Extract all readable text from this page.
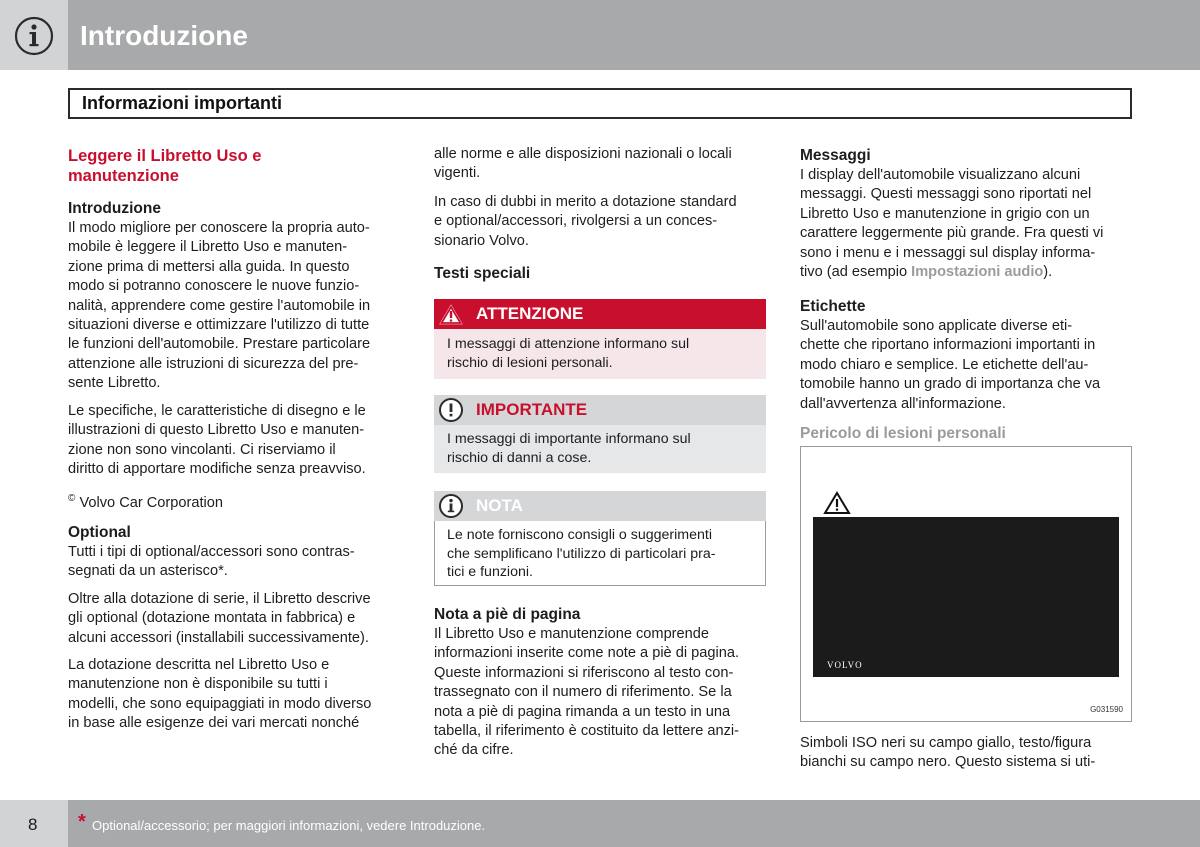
Introduzione
Informazioni importanti
Leggere il Libretto Uso e
manutenzione
Introduzione
Il modo migliore per conoscere la propria auto-
mobile è leggere il Libretto Uso e manuten-
zione prima di mettersi alla guida. In questo
modo si potranno conoscere le nuove funzio-
nalità, apprendere come gestire l'automobile in
situazioni diverse e ottimizzare l'utilizzo di tutte
le funzioni dell'automobile. Prestare particolare
attenzione alle istruzioni di sicurezza del pre-
sente Libretto.
Le specifiche, le caratteristiche di disegno e le
illustrazioni di questo Libretto Uso e manuten-
zione non sono vincolanti. Ci riserviamo il
diritto di apportare modifiche senza preavviso.
© Volvo Car Corporation
Optional
Tutti i tipi di optional/accessori sono contras-
segnati da un asterisco*.
Oltre alla dotazione di serie, il Libretto descrive
gli optional (dotazione montata in fabbrica) e
alcuni accessori (installabili successivamente).
La dotazione descritta nel Libretto Uso e
manutenzione non è disponibile su tutti i
modelli, che sono equipaggiati in modo diverso
in base alle esigenze dei vari mercati nonché
alle norme e alle disposizioni nazionali o locali
vigenti.
In caso di dubbi in merito a dotazione standard
e optional/accessori, rivolgersi a un conces-
sionario Volvo.
Testi speciali
ATTENZIONE
I messaggi di attenzione informano sul
rischio di lesioni personali.
IMPORTANTE
I messaggi di importante informano sul
rischio di danni a cose.
NOTA
Le note forniscono consigli o suggerimenti
che semplificano l'utilizzo di particolari pra-
tici e funzioni.
Nota a piè di pagina
Il Libretto Uso e manutenzione comprende
informazioni inserite come note a piè di pagina.
Queste informazioni si riferiscono al testo con-
trassegnato con il numero di riferimento. Se la
nota a piè di pagina rimanda a un testo in una
tabella, il riferimento è costituito da lettere anzi-
ché da cifre.
Messaggi
I display dell'automobile visualizzano alcuni
messaggi. Questi messaggi sono riportati nel
Libretto Uso e manutenzione in grigio con un
carattere leggermente più grande. Fra questi vi
sono i menu e i messaggi sul display informa-
tivo (ad esempio Impostazioni audio).
Etichette
Sull'automobile sono applicate diverse eti-
chette che riportano informazioni importanti in
modo chiaro e semplice. Le etichette dell'au-
tomobile hanno un grado di importanza che va
dall'avvertenza all'informazione.
Pericolo di lesioni personali
VOLVO
G031590
Simboli ISO neri su campo giallo, testo/figura
bianchi su campo nero. Questo sistema si uti-
8 * Optional/accessorio; per maggiori informazioni, vedere Introduzione.
